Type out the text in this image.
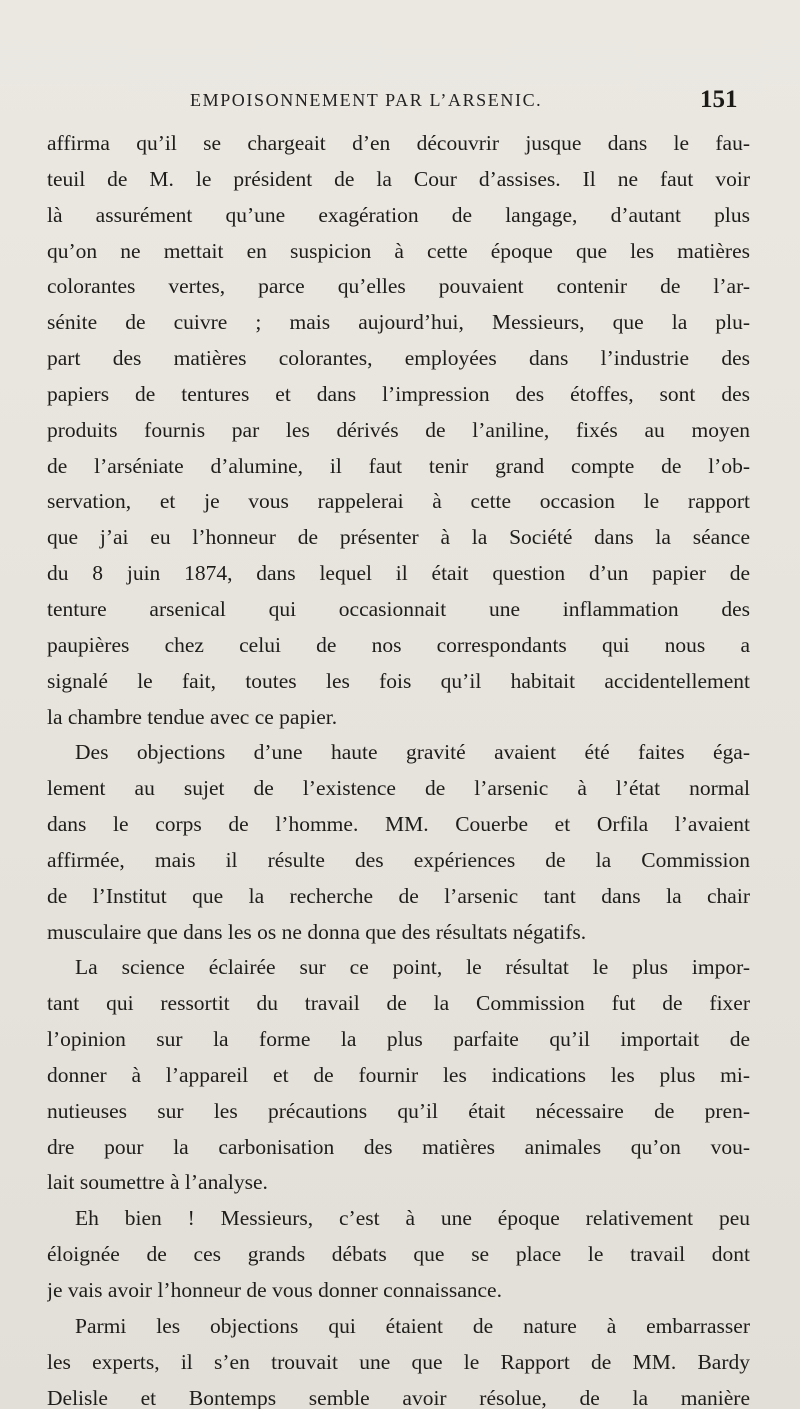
EMPOISONNEMENT PAR L’ARSENIC.	151
affirma qu’il se chargeait d’en découvrir jusque dans le fau-
teuil de M. le président de la Cour d’assises. Il ne faut voir
là assurément qu’une exagération de langage, d’autant plus
qu’on ne mettait en suspicion à cette époque que les matières
colorantes vertes, parce qu’elles pouvaient contenir de l’ar-
sénite de cuivre ; mais aujourd’hui, Messieurs, que la plu-
part des matières colorantes, employées dans l’industrie des
papiers de tentures et dans l’impression des étoffes, sont des
produits fournis par les dérivés de l’aniline, fixés au moyen
de l’arséniate d’alumine, il faut tenir grand compte de l’ob-
servation, et je vous rappelerai à cette occasion le rapport
que j’ai eu l’honneur de présenter à la Société dans la séance
du 8 juin 1874, dans lequel il était question d’un papier de
tenture arsenical qui occasionnait une inflammation des
paupières chez celui de nos correspondants qui nous a
signalé le fait, toutes les fois qu’il habitait accidentellement
la chambre tendue avec ce papier.
Des objections d’une haute gravité avaient été faites éga-
lement au sujet de l’existence de l’arsenic à l’état normal
dans le corps de l’homme. MM. Couerbe et Orfila l’avaient
affirmée, mais il résulte des expériences de la Commission
de l’Institut que la recherche de l’arsenic tant dans la chair
musculaire que dans les os ne donna que des résultats négatifs.
La science éclairée sur ce point, le résultat le plus impor-
tant qui ressortit du travail de la Commission fut de fixer
l’opinion sur la forme la plus parfaite qu’il importait de
donner à l’appareil et de fournir les indications les plus mi-
nutieuses sur les précautions qu’il était nécessaire de pren-
dre pour la carbonisation des matières animales qu’on vou-
lait soumettre à l’analyse.
Eh bien ! Messieurs, c’est à une époque relativement peu
éloignée de ces grands débats que se place le travail dont
je vais avoir l’honneur de vous donner connaissance.
Parmi les objections qui étaient de nature à embarrasser
les experts, il s’en trouvait une que le Rapport de MM. Bardy
Delisle et Bontemps semble avoir résolue, de la manière
